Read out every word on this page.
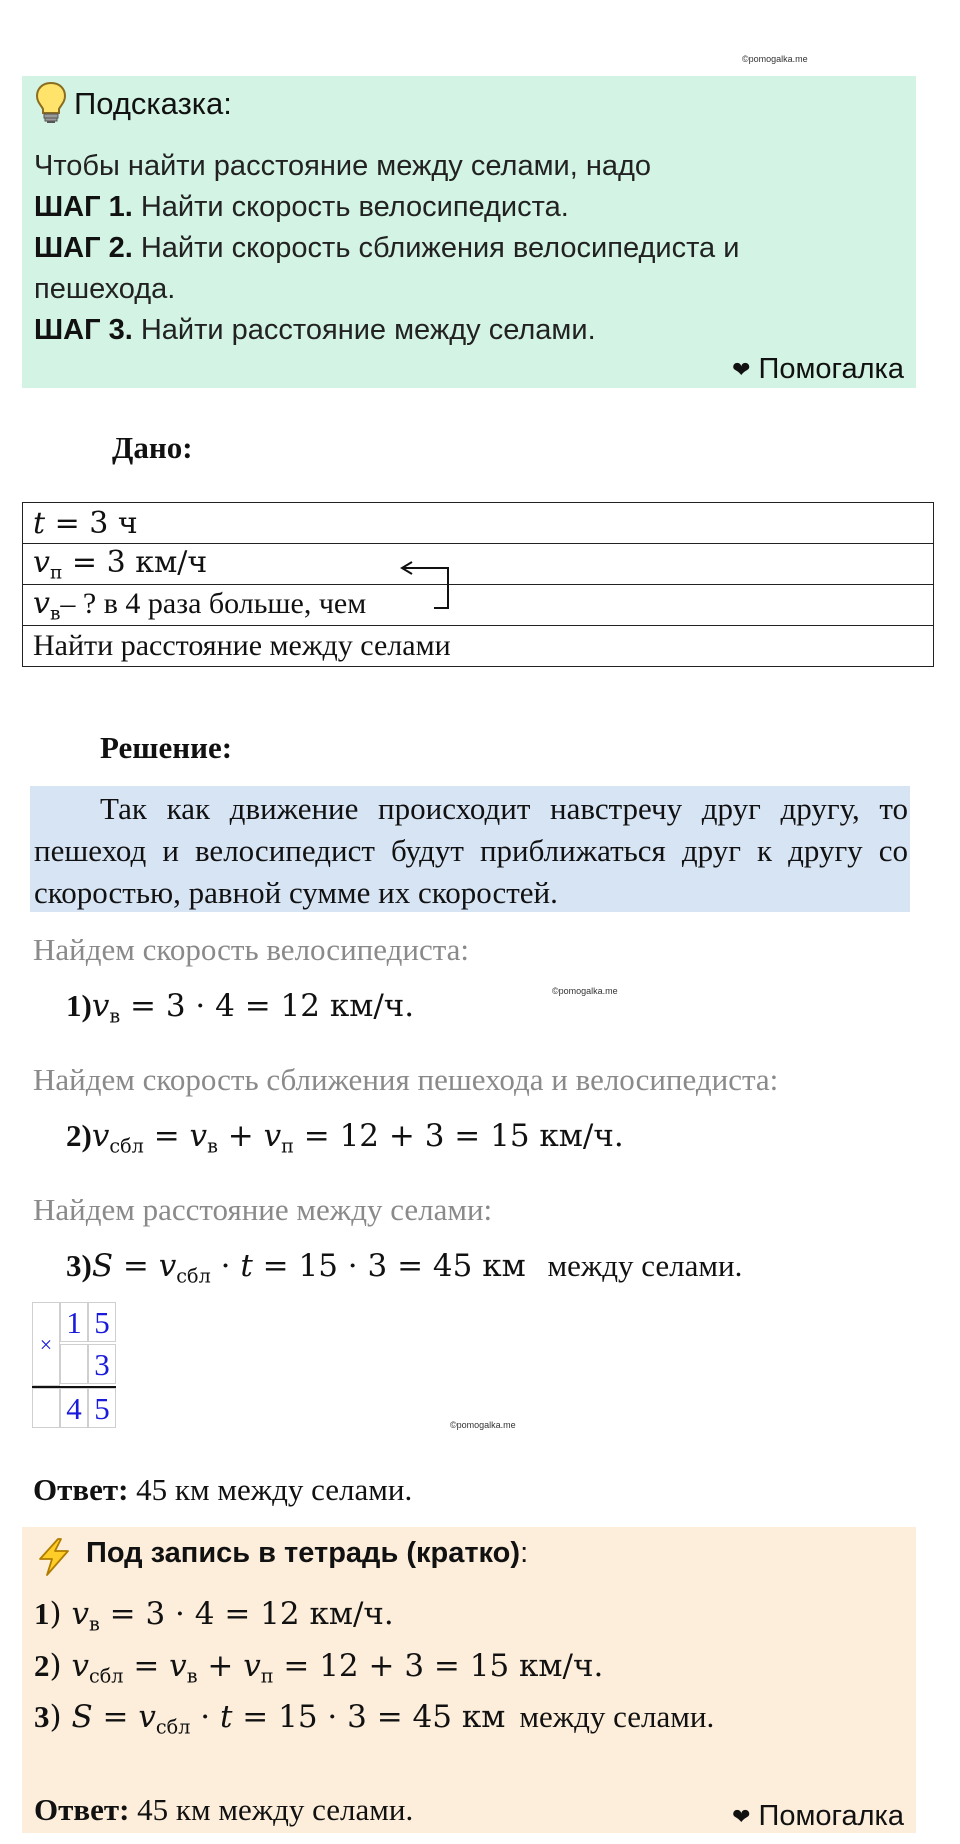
©pomogalka.me
Подсказка:
Чтобы найти расстояние между селами, надо
ШАГ 1. Найти скорость велосипедиста.
ШАГ 2. Найти скорость сближения велосипедиста и
пешехода.
ШАГ 3. Найти расстояние между селами.
❤ Помогалка
Дано:
t = 3 ч
$v_п = 3$ км/ч
$v_в-$ ? в 4 раза больше, чем
Найти расстояние между селами
Решение:
Так как движение происходит навстречу друг другу, то пешеход и велосипедист будут приближаться друг к другу со скоростью, равной сумме их скоростей.
Найдем скорость велосипедиста:
$1)v_в = 3 \cdot 4 = 12$ км/ч.	©pomogalka.me
Найдем скорость сближения пешехода и велосипедиста:
$2)v_{сбл} = v_в + v_п = 12 + 3 = 15$ км/ч.
Найдем расстояние между селами:
$3)S = v_{сбл} \cdot t = 15 \cdot 3 = 45$ км между селами.
×
1 5
3
4 5	©pomogalka.me
Ответ: 45 км между селами.
Под запись в тетрадь (кратко):
1) $v_в = 3 \cdot 4 = 12$ км/ч.
2) $v_{сбл} = v_в + v_п = 12 + 3 = 15$ км/ч.
3) $S = v_{сбл} \cdot t = 15 \cdot 3 = 45$ км между селами.
Ответ: 45 км между селами.	❤ Помогалка
